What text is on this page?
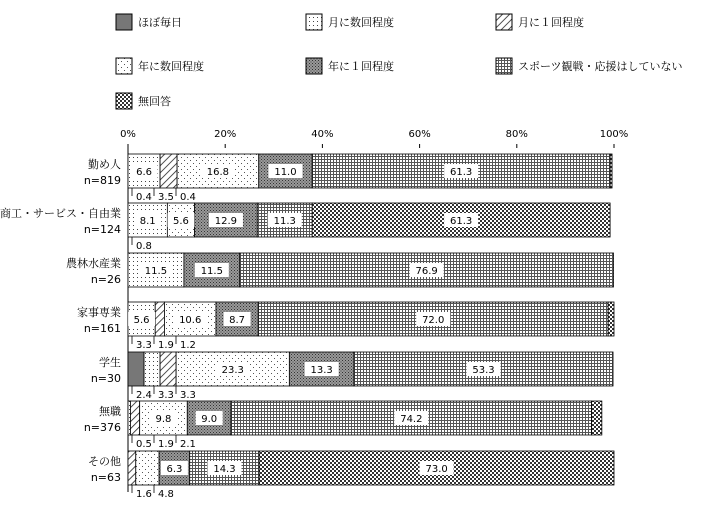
ほぼ毎日	月に数回程度	月に１回程度
年に数回程度	年に１回程度	スポーツ観戦・応援はしていない
無回答
0%	20%	40%	60%	80%	100%
勤め人
n=819
6.6	16.8	11.0	61.3
0.4 3.5 0.4
商工・サービス・自由業
n=124
8.1 5.6	12.9	11.3	61.3
0.8
農林水産業
n=26
11.5	11.5	76.9
家事専業
n=161
5.6	10.6	8.7	72.0
3.3 1.9 1.2
学生
n=30
23.3	13.3	53.3
2.4 3.3 3.3
無職
n=376
9.8	9.0	74.2
0.5 1.9 2.1
その他
n=63
6.3	14.3	73.0
1.6 4.8
